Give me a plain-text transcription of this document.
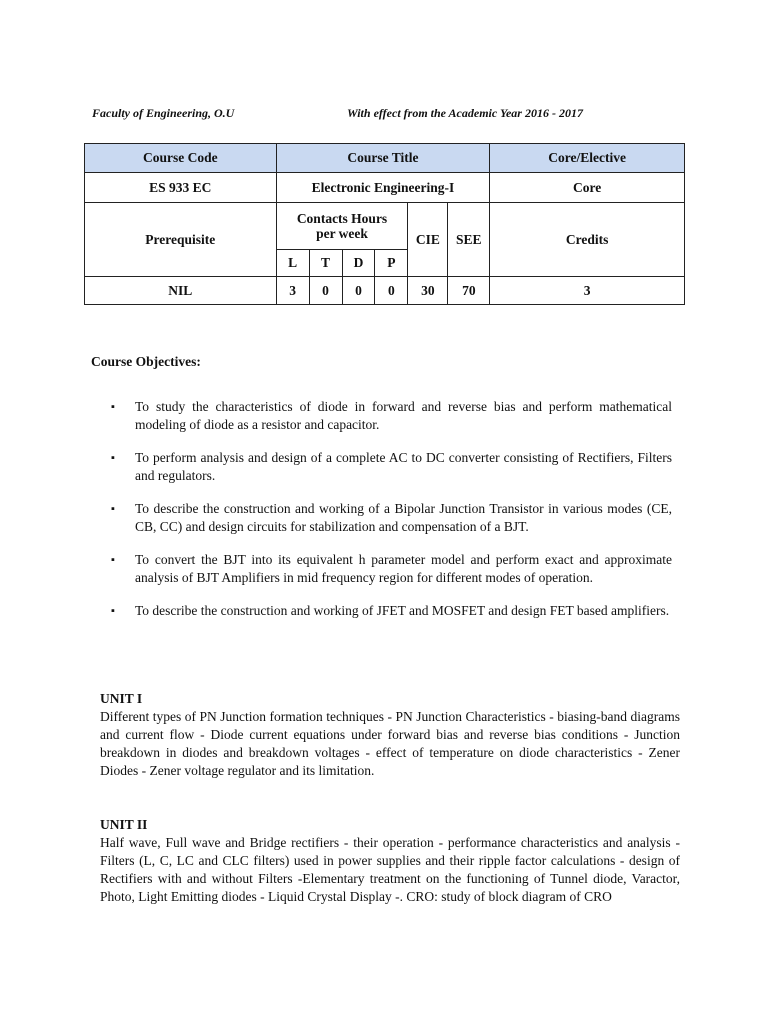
Faculty of Engineering, O.U	With effect from the Academic Year 2016 - 2017
Course Code	Course Title						Core/Elective
ES 933 EC	Electronic Engineering-I						Core
Prerequisite	Contacts Hours per week				CIE	SEE	Credits
	L	T	D	P			
NIL	3	0	0	0	30	70	3
Course Objectives:
▪ To study the characteristics of diode in forward and reverse bias and perform mathematical modeling of diode as a resistor and capacitor.
▪ To perform analysis and design of a complete AC to DC converter consisting of Rectifiers, Filters and regulators.
▪ To describe the construction and working of a Bipolar Junction Transistor in various modes (CE, CB, CC) and design circuits for stabilization and compensation of a BJT.
▪ To convert the BJT into its equivalent h parameter model and perform exact and approximate analysis of BJT Amplifiers in mid frequency region for different modes of operation.
▪ To describe the construction and working of JFET and MOSFET and design FET based amplifiers.
UNIT I
Different types of PN Junction formation techniques - PN Junction Characteristics - biasing-band diagrams and current flow - Diode current equations under forward bias and reverse bias conditions - Junction breakdown in diodes and breakdown voltages - effect of temperature on diode characteristics - Zener Diodes - Zener voltage regulator and its limitation.
UNIT II
Half wave, Full wave and Bridge rectifiers - their operation - performance characteristics and analysis - Filters (L, C, LC and CLC filters) used in power supplies and their ripple factor calculations - design of Rectifiers with and without Filters -Elementary treatment on the functioning of Tunnel diode, Varactor, Photo, Light Emitting diodes - Liquid Crystal Display -. CRO: study of block diagram of CRO
